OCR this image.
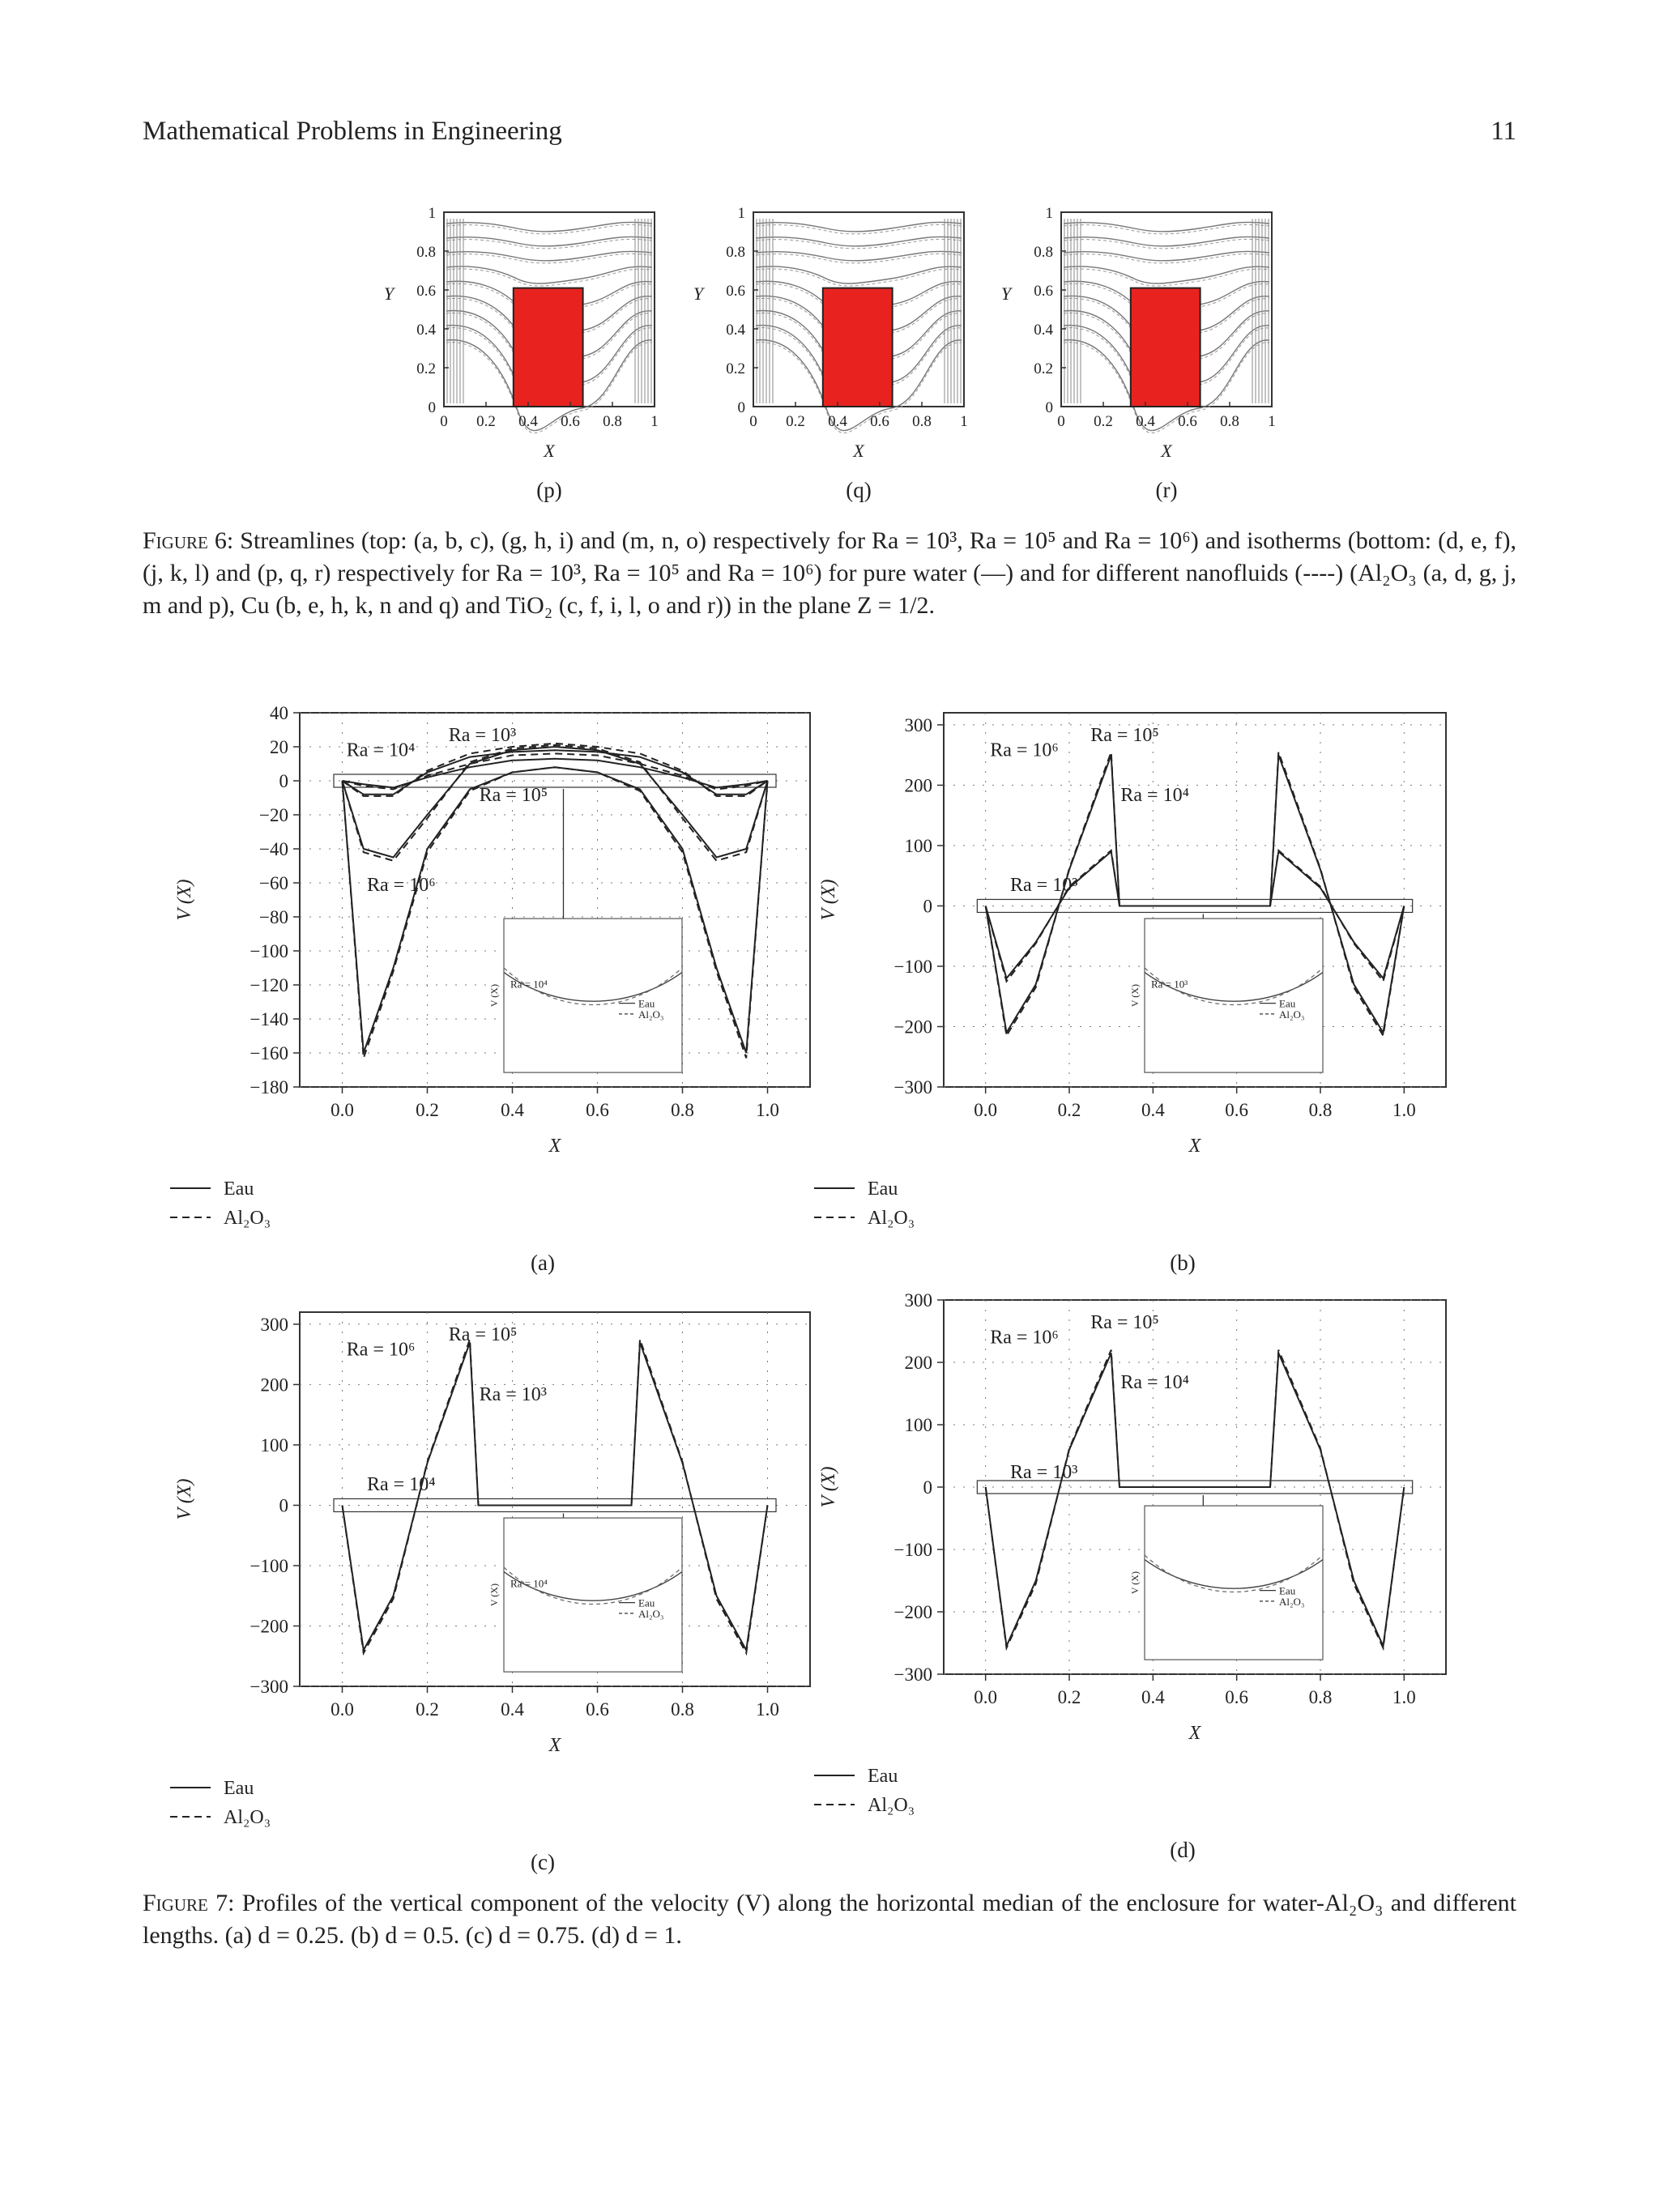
Mathematical Problems in Engineering	11
0
0.2
0.4
0.6
0.8
1
0 0.2 0.4 0.6 0.8 1
Y
X
(p)
0
0.2
0.4
0.6
0.8
1
0 0.2 0.4 0.6 0.8 1
Y
X
(q)
0
0.2
0.4
0.6
0.8
1
0 0.2 0.4 0.6 0.8 1
Y
X
(r)
Figure 6: Streamlines (top: (a, b, c), (g, h, i) and (m, n, o) respectively for Ra = 10³, Ra = 10⁵ and Ra = 10⁶) and isotherms (bottom: (d, e, f), (j, k, l) and (p, q, r) respectively for Ra = 10³, Ra = 10⁵ and Ra = 10⁶) for pure water (—) and for different nanofluids (----) (Al₂O₃ (a, d, g, j, m and p), Cu (b, e, h, k, n and q) and TiO₂ (c, f, i, l, o and r)) in the plane Z = 1/2.
40
20
0
−20
−40
−60
−80
−100
−120
−140
−160
−180
0.0	0.2	0.4	0.6	0.8	1.0
X
V (X)
Ra = 10⁴
Ra = 10³
Ra = 10⁵
Ra = 10⁶
Ra = 10⁴
Eau
Al₂O₃
V (X)
Eau
Al₂O₃
(a)
300
200
100
0
−100
−200
−300
0.0	0.2	0.4	0.6	0.8	1.0
X
V (X)
Ra = 10⁶
Ra = 10⁵
Ra = 10⁴
Ra = 10³
Ra = 10³
Eau
Al₂O₃
V (X)
Eau
Al₂O₃
(b)
300
200
100
0
−100
−200
−300
0.0	0.2	0.4	0.6	0.8	1.0
X
V (X)
Ra = 10⁶
Ra = 10⁵
Ra = 10³
Ra = 10⁴
Ra = 10⁴
Eau
Al₂O₃
V (X)
Eau
Al₂O₃
(c)
300
200
100
0
−100
−200
−300
0.0	0.2	0.4	0.6	0.8	1.0
X
V (X)
Ra = 10⁶
Ra = 10⁵
Ra = 10⁴
Ra = 10³
Eau
Al₂O₃
V (X)
Eau
Al₂O₃
(d)
Figure 7: Profiles of the vertical component of the velocity (V) along the horizontal median of the enclosure for water-Al₂O₃ and different lengths. (a) d = 0.25. (b) d = 0.5. (c) d = 0.75. (d) d = 1.
